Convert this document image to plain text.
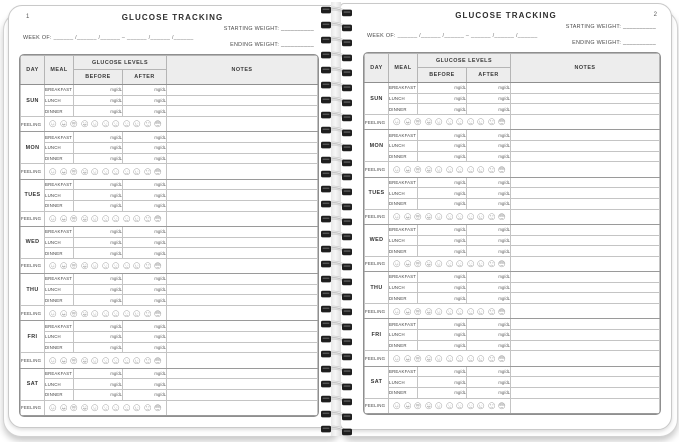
1	GLUCOSE TRACKING
WEEK OF: ______ /______ /______ – ______ /______ /______
STARTING WEIGHT: __________
ENDING WEIGHT: __________
DAY	MEAL	GLUCOSE LEVELS		NOTES
		BEFORE	AFTER	
SUN	BREAKFAST	mg/dL	mg/dL	
	LUNCH	mg/dL	mg/dL	
	DINNER	mg/dL	mg/dL	
FEELING	

MON	BREAKFAST	mg/dL	mg/dL	
	LUNCH	mg/dL	mg/dL	
	DINNER	mg/dL	mg/dL	
FEELING	

TUES	BREAKFAST	mg/dL	mg/dL	
	LUNCH	mg/dL	mg/dL	
	DINNER	mg/dL	mg/dL	
FEELING	

WED	BREAKFAST	mg/dL	mg/dL	
	LUNCH	mg/dL	mg/dL	
	DINNER	mg/dL	mg/dL	
FEELING	

THU	BREAKFAST	mg/dL	mg/dL	
	LUNCH	mg/dL	mg/dL	
	DINNER	mg/dL	mg/dL	
FEELING	

FRI	BREAKFAST	mg/dL	mg/dL	
	LUNCH	mg/dL	mg/dL	
	DINNER	mg/dL	mg/dL	
FEELING	

SAT	BREAKFAST	mg/dL	mg/dL	
	LUNCH	mg/dL	mg/dL	
	DINNER	mg/dL	mg/dL	
FEELING	

2
GLUCOSE TRACKING
WEEK OF: ______ /______ /______ – ______ /______ /______
STARTING WEIGHT: __________
ENDING WEIGHT: __________
DAY	MEAL	GLUCOSE LEVELS		NOTES
		BEFORE	AFTER	
SUN	BREAKFAST	mg/dL	mg/dL	
	LUNCH	mg/dL	mg/dL	
	DINNER	mg/dL	mg/dL	
FEELING	

MON	BREAKFAST	mg/dL	mg/dL	
	LUNCH	mg/dL	mg/dL	
	DINNER	mg/dL	mg/dL	
FEELING	

TUES	BREAKFAST	mg/dL	mg/dL	
	LUNCH	mg/dL	mg/dL	
	DINNER	mg/dL	mg/dL	
FEELING	

WED	BREAKFAST	mg/dL	mg/dL	
	LUNCH	mg/dL	mg/dL	
	DINNER	mg/dL	mg/dL	
FEELING	

THU	BREAKFAST	mg/dL	mg/dL	
	LUNCH	mg/dL	mg/dL	
	DINNER	mg/dL	mg/dL	
FEELING	

FRI	BREAKFAST	mg/dL	mg/dL	
	LUNCH	mg/dL	mg/dL	
	DINNER	mg/dL	mg/dL	
FEELING	

SAT	BREAKFAST	mg/dL	mg/dL	
	LUNCH	mg/dL	mg/dL	
	DINNER	mg/dL	mg/dL	
FEELING	
